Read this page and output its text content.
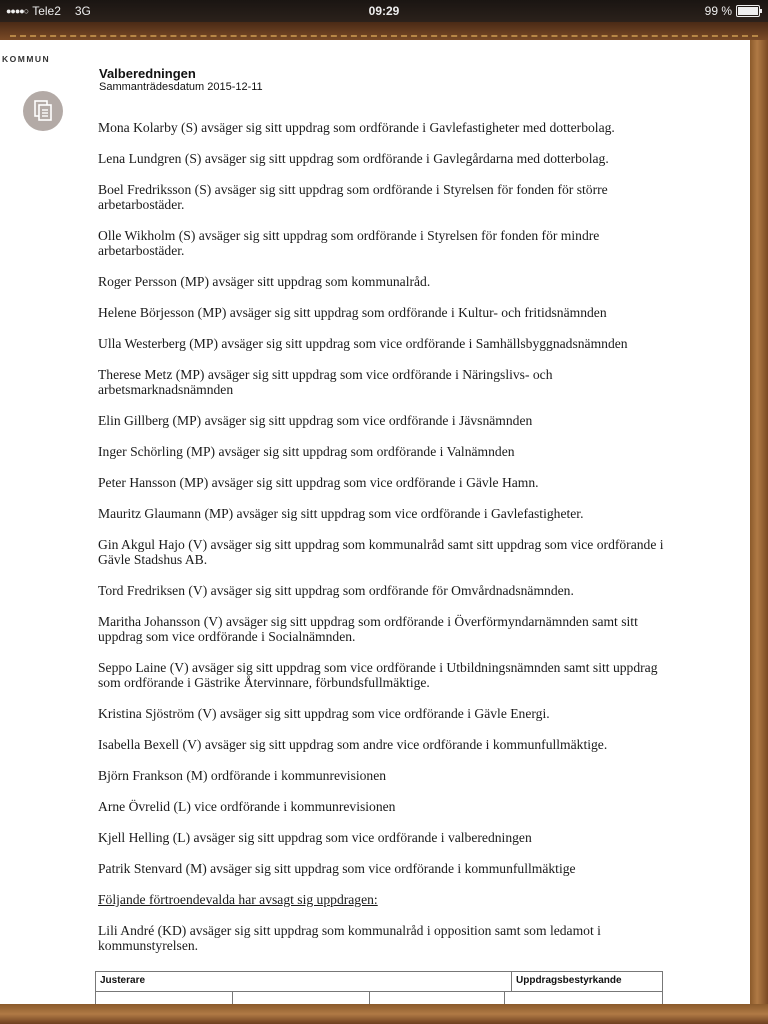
●●●●○ Tele2 3G	09:29	99 %
KOMMUN
Valberedningen
Sammanträdesdatum 2015-12-11

Mona Kolarby (S) avsäger sig sitt uppdrag som ordförande i Gavlefastigheter med dotterbolag.

Lena Lundgren (S) avsäger sig sitt uppdrag som ordförande i Gavlegårdarna med dotterbolag.

Boel Fredriksson (S) avsäger sig sitt uppdrag som ordförande i Styrelsen för fonden för större arbetarbostäder.

Olle Wikholm (S) avsäger sig sitt uppdrag som ordförande i Styrelsen för fonden för mindre arbetarbostäder.

Roger Persson (MP) avsäger sitt uppdrag som kommunalråd.

Helene Börjesson (MP) avsäger sig sitt uppdrag som ordförande i Kultur- och fritidsnämnden

Ulla Westerberg (MP) avsäger sig sitt uppdrag som vice ordförande i Samhällsbyggnadsnämnden

Therese Metz (MP) avsäger sig sitt uppdrag som vice ordförande i Näringslivs- och arbetsmarknadsnämnden

Elin Gillberg (MP) avsäger sig sitt uppdrag som vice ordförande i Jävsnämnden

Inger Schörling (MP) avsäger sig sitt uppdrag som ordförande i Valnämnden

Peter Hansson (MP) avsäger sig sitt uppdrag som vice ordförande i Gävle Hamn.

Mauritz Glaumann (MP) avsäger sig sitt uppdrag som vice ordförande i Gavlefastigheter.

Gin Akgul Hajo (V) avsäger sig sitt uppdrag som kommunalråd samt sitt uppdrag som vice ordförande i Gävle Stadshus AB.

Tord Fredriksen (V) avsäger sig sitt uppdrag som ordförande för Omvårdnadsnämnden.

Maritha Johansson (V) avsäger sig sitt uppdrag som ordförande i Överförmyndarnämnden samt sitt uppdrag som vice ordförande i Socialnämnden.

Seppo Laine (V) avsäger sig sitt uppdrag som vice ordförande i Utbildningsnämnden samt sitt uppdrag som ordförande i Gästrike Återvinnare, förbundsfullmäktige.

Kristina Sjöström (V) avsäger sig sitt uppdrag som vice ordförande i Gävle Energi.

Isabella Bexell (V) avsäger sig sitt uppdrag som andre vice ordförande i kommunfullmäktige.

Björn Frankson (M) ordförande i kommunrevisionen

Arne Övrelid (L) vice ordförande i kommunrevisionen

Kjell Helling (L) avsäger sig sitt uppdrag som vice ordförande i valberedningen

Patrik Stenvard (M) avsäger sig sitt uppdrag som vice ordförande i kommunfullmäktige

Följande förtroendevalda har avsagt sig uppdragen:

Lili André (KD) avsäger sig sitt uppdrag som kommunalråd i opposition samt som ledamot i kommunstyrelsen.

Justerare	Uppdragsbestyrkande
